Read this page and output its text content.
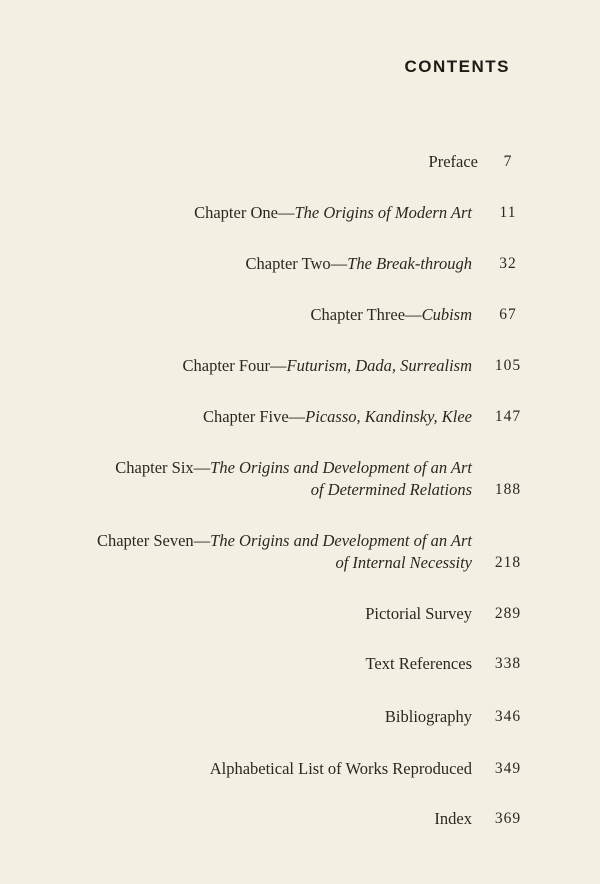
CONTENTS
Preface	7
Chapter One—The Origins of Modern Art	11
Chapter Two—The Break-through	32
Chapter Three—Cubism	67
Chapter Four—Futurism, Dada, Surrealism	105
Chapter Five—Picasso, Kandinsky, Klee	147
Chapter Six—The Origins and Development of an Art
of Determined Relations	188
Chapter Seven—The Origins and Development of an Art
of Internal Necessity	218
Pictorial Survey	289
Text References	338
Bibliography	346
Alphabetical List of Works Reproduced	349
Index	369
